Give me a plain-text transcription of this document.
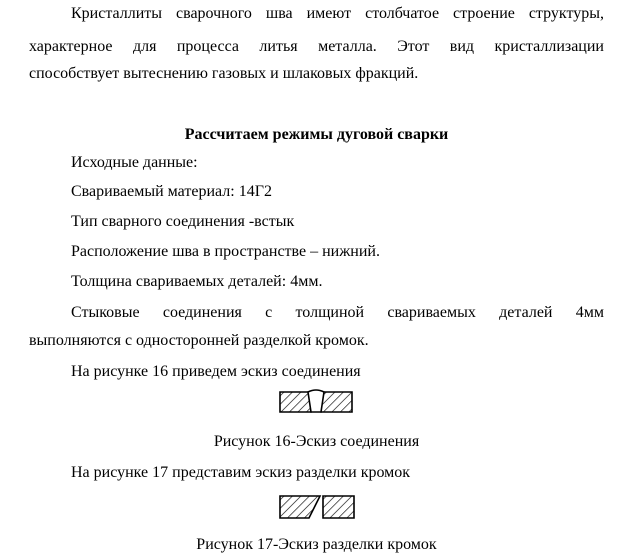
Кристаллиты сварочного шва имеют столбчатое строение структуры,
характерное для процесса литья металла. Этот вид кристаллизации
способствует вытеснению газовых и шлаковых фракций.
Рассчитаем режимы дуговой сварки
Исходные данные:
Свариваемый материал: 14Г2
Тип сварного соединения -встык
Расположение шва в пространстве – нижний.
Толщина свариваемых деталей: 4мм.
Стыковые соединения с толщиной свариваемых деталей 4мм
выполняются с односторонней разделкой кромок.
На рисунке 16 приведем эскиз соединения
Рисунок 16-Эскиз соединения
На рисунке 17 представим эскиз разделки кромок
Рисунок 17-Эскиз разделки кромок
